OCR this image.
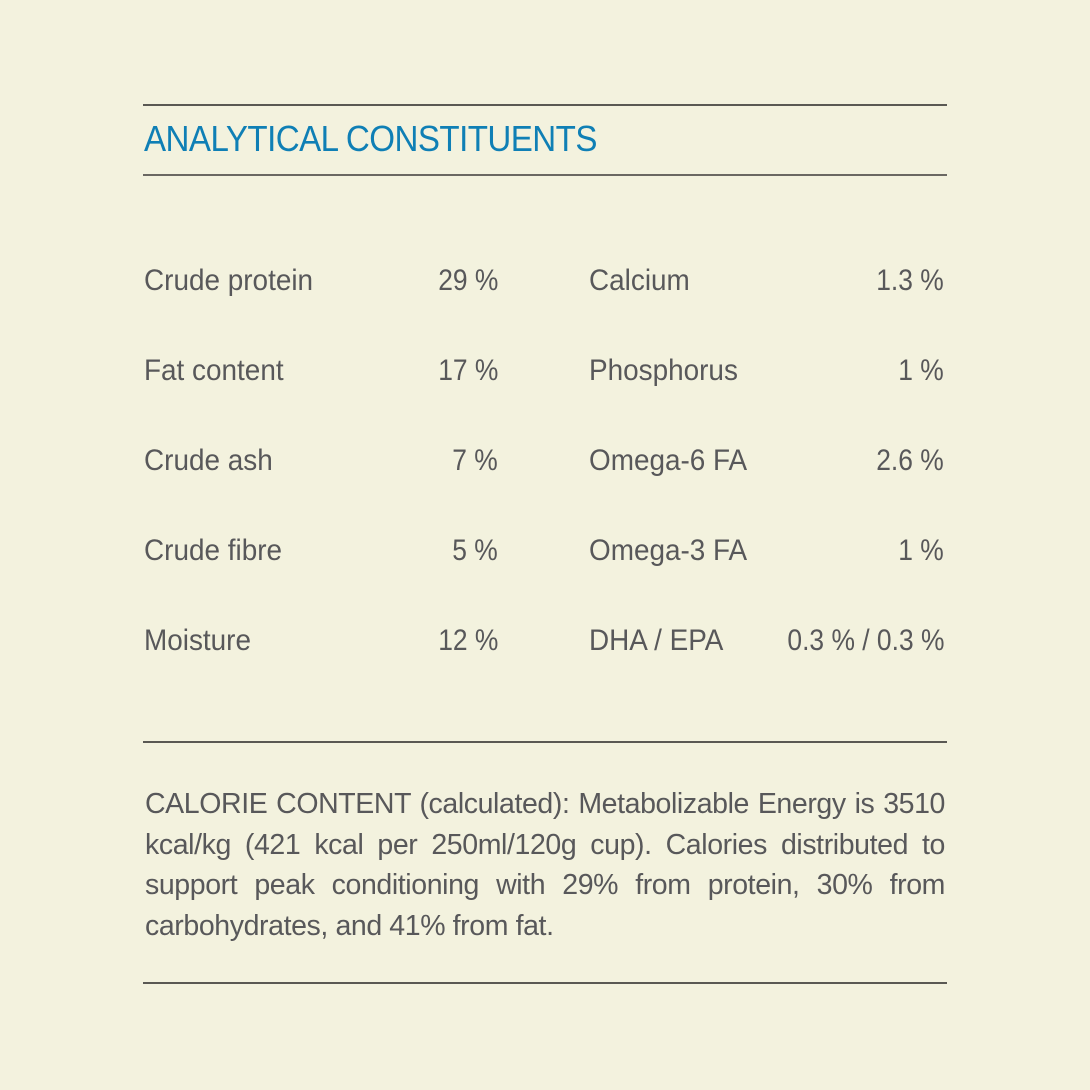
ANALYTICAL CONSTITUENTS
Crude protein	29 %
Fat content	17 %
Crude ash	7 %
Crude fibre	5 %
Moisture	12 %
Calcium	1.3 %
Phosphorus	1 %
Omega-6 FA	2.6 %
Omega-3 FA	1 %
DHA / EPA 0.3 % / 0.3 %
CALORIE CONTENT (calculated): Metabolizable Energy is 3510 kcal/kg (421 kcal per 250ml/120g cup). Calories distributed to support peak conditioning with 29% from protein, 30% from carbohydrates, and 41% from fat.
